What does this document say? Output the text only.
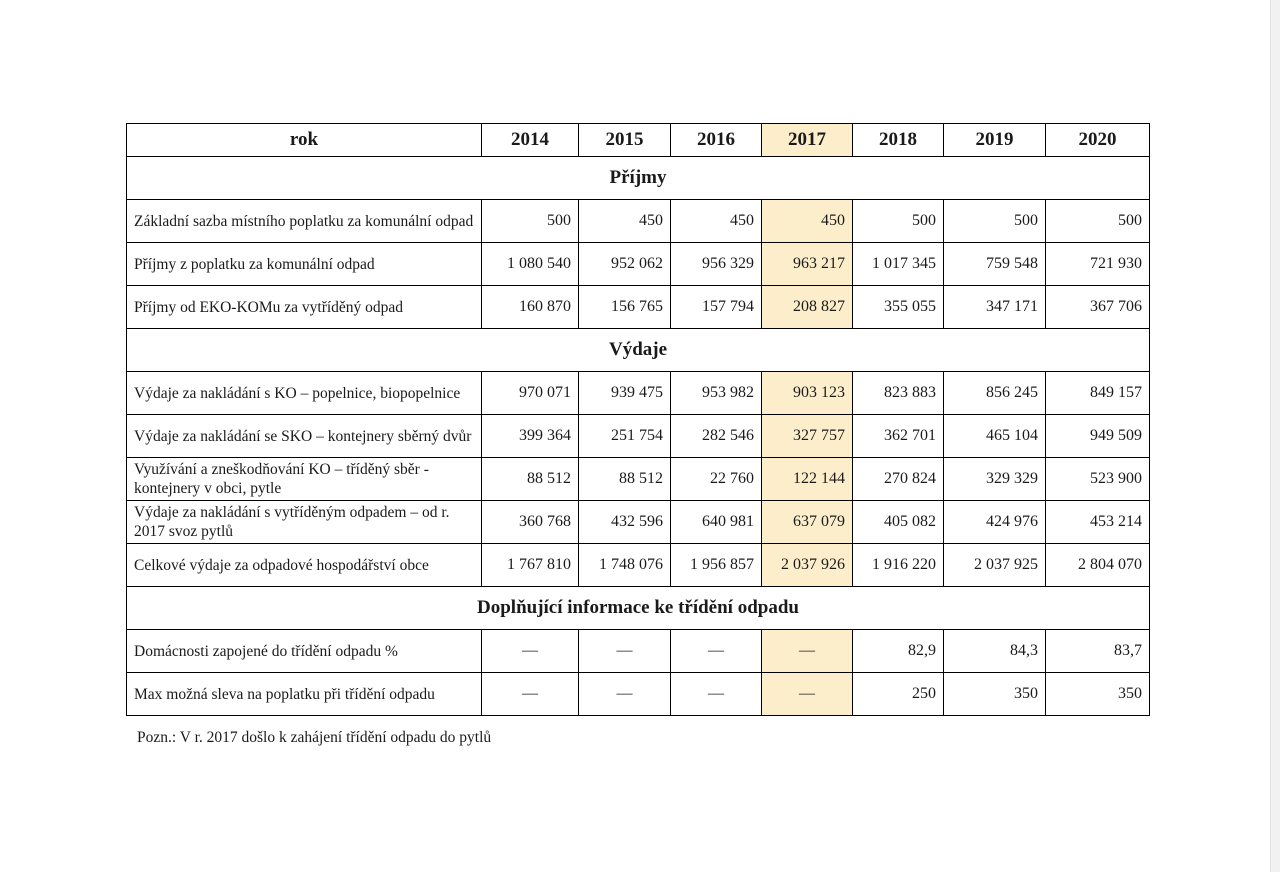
rok	2014	2015	2016	2017	2018	2019	2020
Příjmy							
Základní sazba místního poplatku za komunální odpad	500	450	450	450	500	500	500
Příjmy z poplatku za komunální odpad	1 080 540	952 062	956 329	963 217	1 017 345	759 548	721 930
Příjmy od EKO-KOMu za vytříděný odpad	160 870	156 765	157 794	208 827	355 055	347 171	367 706
Výdaje							
Výdaje za nakládání s KO – popelnice, biopopelnice	970 071	939 475	953 982	903 123	823 883	856 245	849 157
Výdaje za nakládání se SKO – kontejnery sběrný dvůr	399 364	251 754	282 546	327 757	362 701	465 104	949 509
Využívání a zneškodňování KO – tříděný sběr - kontejnery v obci, pytle	88 512	88 512	22 760	122 144	270 824	329 329	523 900
Výdaje za nakládání s vytříděným odpadem – od r. 2017 svoz pytlů	360 768	432 596	640 981	637 079	405 082	424 976	453 214
Celkové výdaje za odpadové hospodářství obce	1 767 810	1 748 076	1 956 857	2 037 926	1 916 220	2 037 925	2 804 070
Doplňující informace ke třídění odpadu							
Domácnosti zapojené do třídění odpadu %	—	—	—	—	82,9	84,3	83,7
Max možná sleva na poplatku při třídění odpadu	—	—	—	—	250	350	350
Pozn.: V r. 2017 došlo k zahájení třídění odpadu do pytlů
